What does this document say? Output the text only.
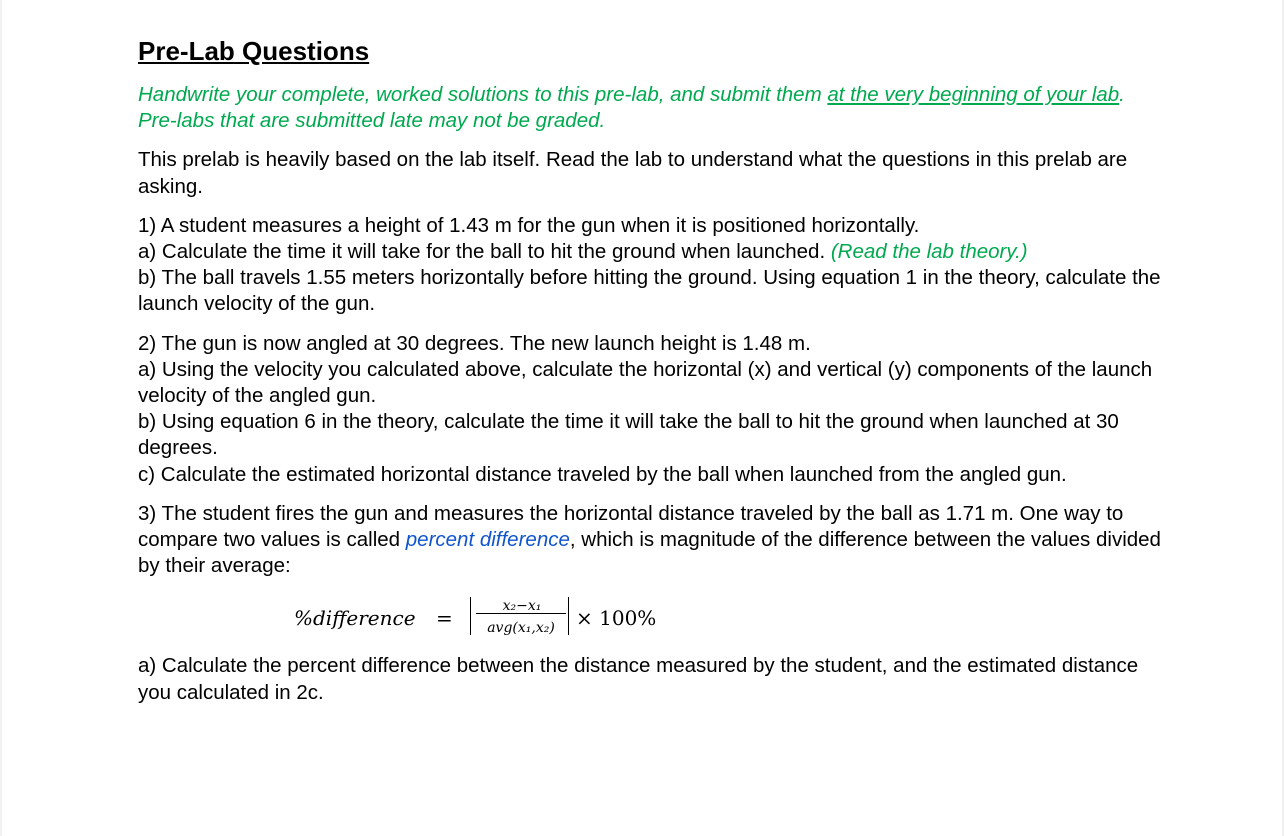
Pre-Lab Questions

Handwrite your complete, worked solutions to this pre-lab, and submit them at the very beginning of your lab. Pre-labs that are submitted late may not be graded.

This prelab is heavily based on the lab itself. Read the lab to understand what the questions in this prelab are asking.

1) A student measures a height of 1.43 m for the gun when it is positioned horizontally.

a) Calculate the time it will take for the ball to hit the ground when launched. (Read the lab theory.)

b) The ball travels 1.55 meters horizontally before hitting the ground. Using equation 1 in the theory, calculate the launch velocity of the gun.

2) The gun is now angled at 30 degrees. The new launch height is 1.48 m.

a) Using the velocity you calculated above, calculate the horizontal (x) and vertical (y) components of the launch velocity of the angled gun.

b) Using equation 6 in the theory, calculate the time it will take the ball to hit the ground when launched at 30 degrees.

c) Calculate the estimated horizontal distance traveled by the ball when launched from the angled gun.

3) The student fires the gun and measures the horizontal distance traveled by the ball as 1.71 m. One way to compare two values is called percent difference, which is magnitude of the difference between the values divided by their average:

%difference =	x₂−x₁
avg(x₁,x₂)	× 100%

a) Calculate the percent difference between the distance measured by the student, and the estimated distance you calculated in 2c.
